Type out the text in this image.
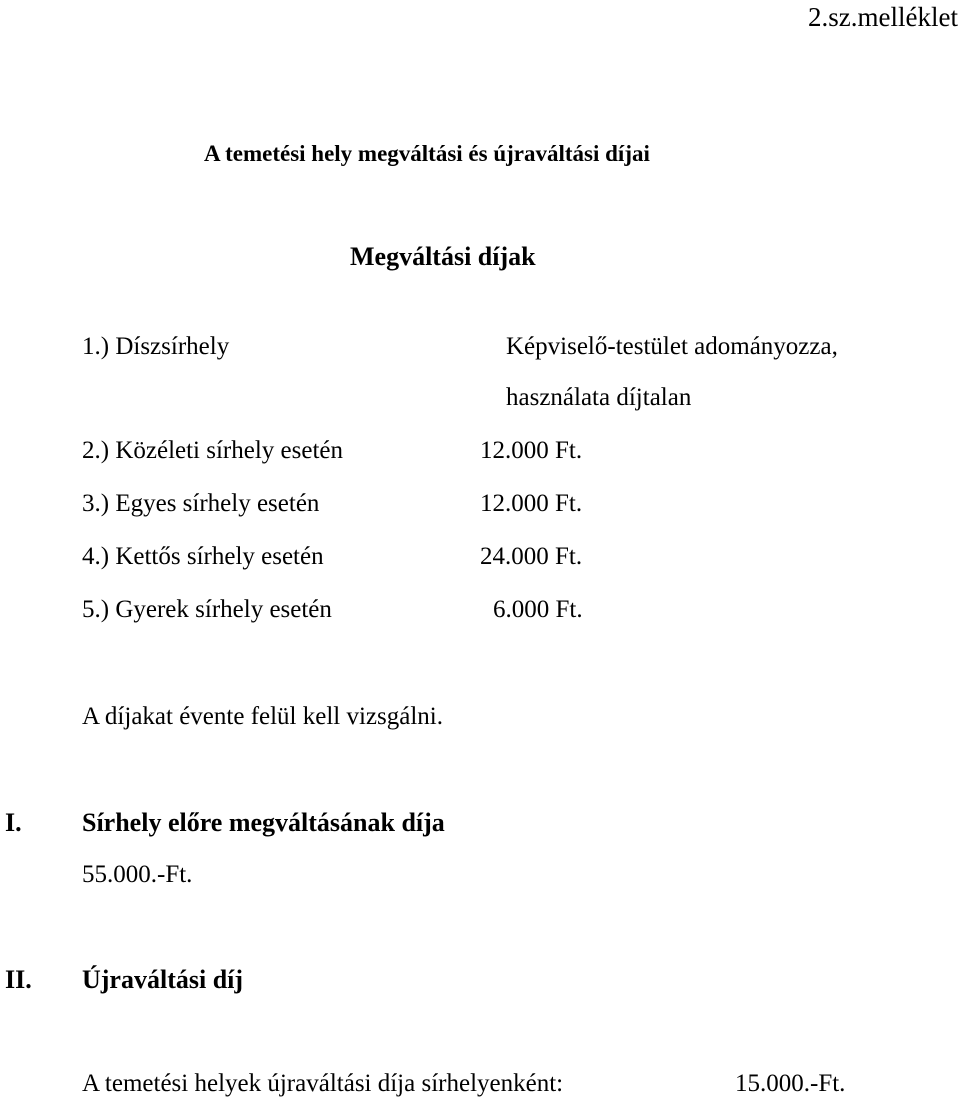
2.sz.melléklet
A temetési hely megváltási és újraváltási díjai
Megváltási díjak
1.) Díszsírhely	Képviselő-testület adományozza,
használata díjtalan
2.) Közéleti sírhely esetén	12.000 Ft.
3.) Egyes sírhely esetén	12.000 Ft.
4.) Kettős sírhely esetén	24.000 Ft.
5.) Gyerek sírhely esetén	6.000 Ft.
A díjakat évente felül kell vizsgálni.
I. Sírhely előre megváltásának díja
55.000.-Ft.
II. Újraváltási díj
A temetési helyek újraváltási díja sírhelyenként:	15.000.-Ft.
